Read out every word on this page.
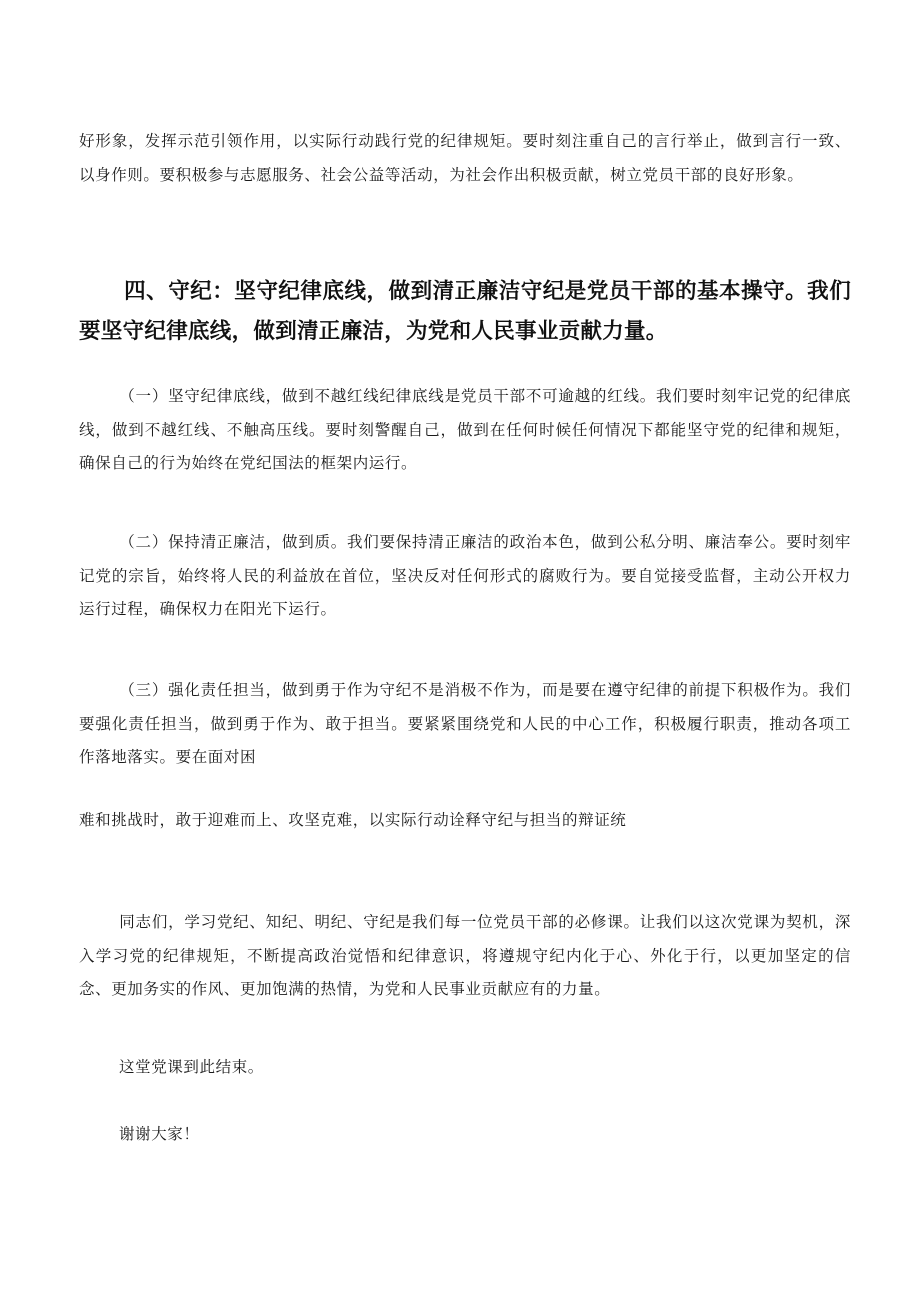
好形象，发挥示范引领作用，以实际行动践行党的纪律规矩。要时刻注重自己的言行举止，做到言行一致、以身作则。要积极参与志愿服务、社会公益等活动，为社会作出积极贡献，树立党员干部的良好形象。

四、守纪：坚守纪律底线，做到清正廉洁守纪是党员干部的基本操守。我们要坚守纪律底线，做到清正廉洁，为党和人民事业贡献力量。

（一）坚守纪律底线，做到不越红线纪律底线是党员干部不可逾越的红线。我们要时刻牢记党的纪律底线，做到不越红线、不触高压线。要时刻警醒自己，做到在任何时候任何情况下都能坚守党的纪律和规矩，确保自己的行为始终在党纪国法的框架内运行。

（二）保持清正廉洁，做到质。我们要保持清正廉洁的政治本色，做到公私分明、廉洁奉公。要时刻牢记党的宗旨，始终将人民的利益放在首位，坚决反对任何形式的腐败行为。要自觉接受监督，主动公开权力运行过程，确保权力在阳光下运行。

（三）强化责任担当，做到勇于作为守纪不是消极不作为，而是要在遵守纪律的前提下积极作为。我们要强化责任担当，做到勇于作为、敢于担当。要紧紧围绕党和人民的中心工作，积极履行职责，推动各项工作落地落实。要在面对困

难和挑战时，敢于迎难而上、攻坚克难，以实际行动诠释守纪与担当的辩证统

同志们，学习党纪、知纪、明纪、守纪是我们每一位党员干部的必修课。让我们以这次党课为契机，深入学习党的纪律规矩，不断提高政治觉悟和纪律意识，将遵规守纪内化于心、外化于行，以更加坚定的信念、更加务实的作风、更加饱满的热情，为党和人民事业贡献应有的力量。

这堂党课到此结束。

谢谢大家！
